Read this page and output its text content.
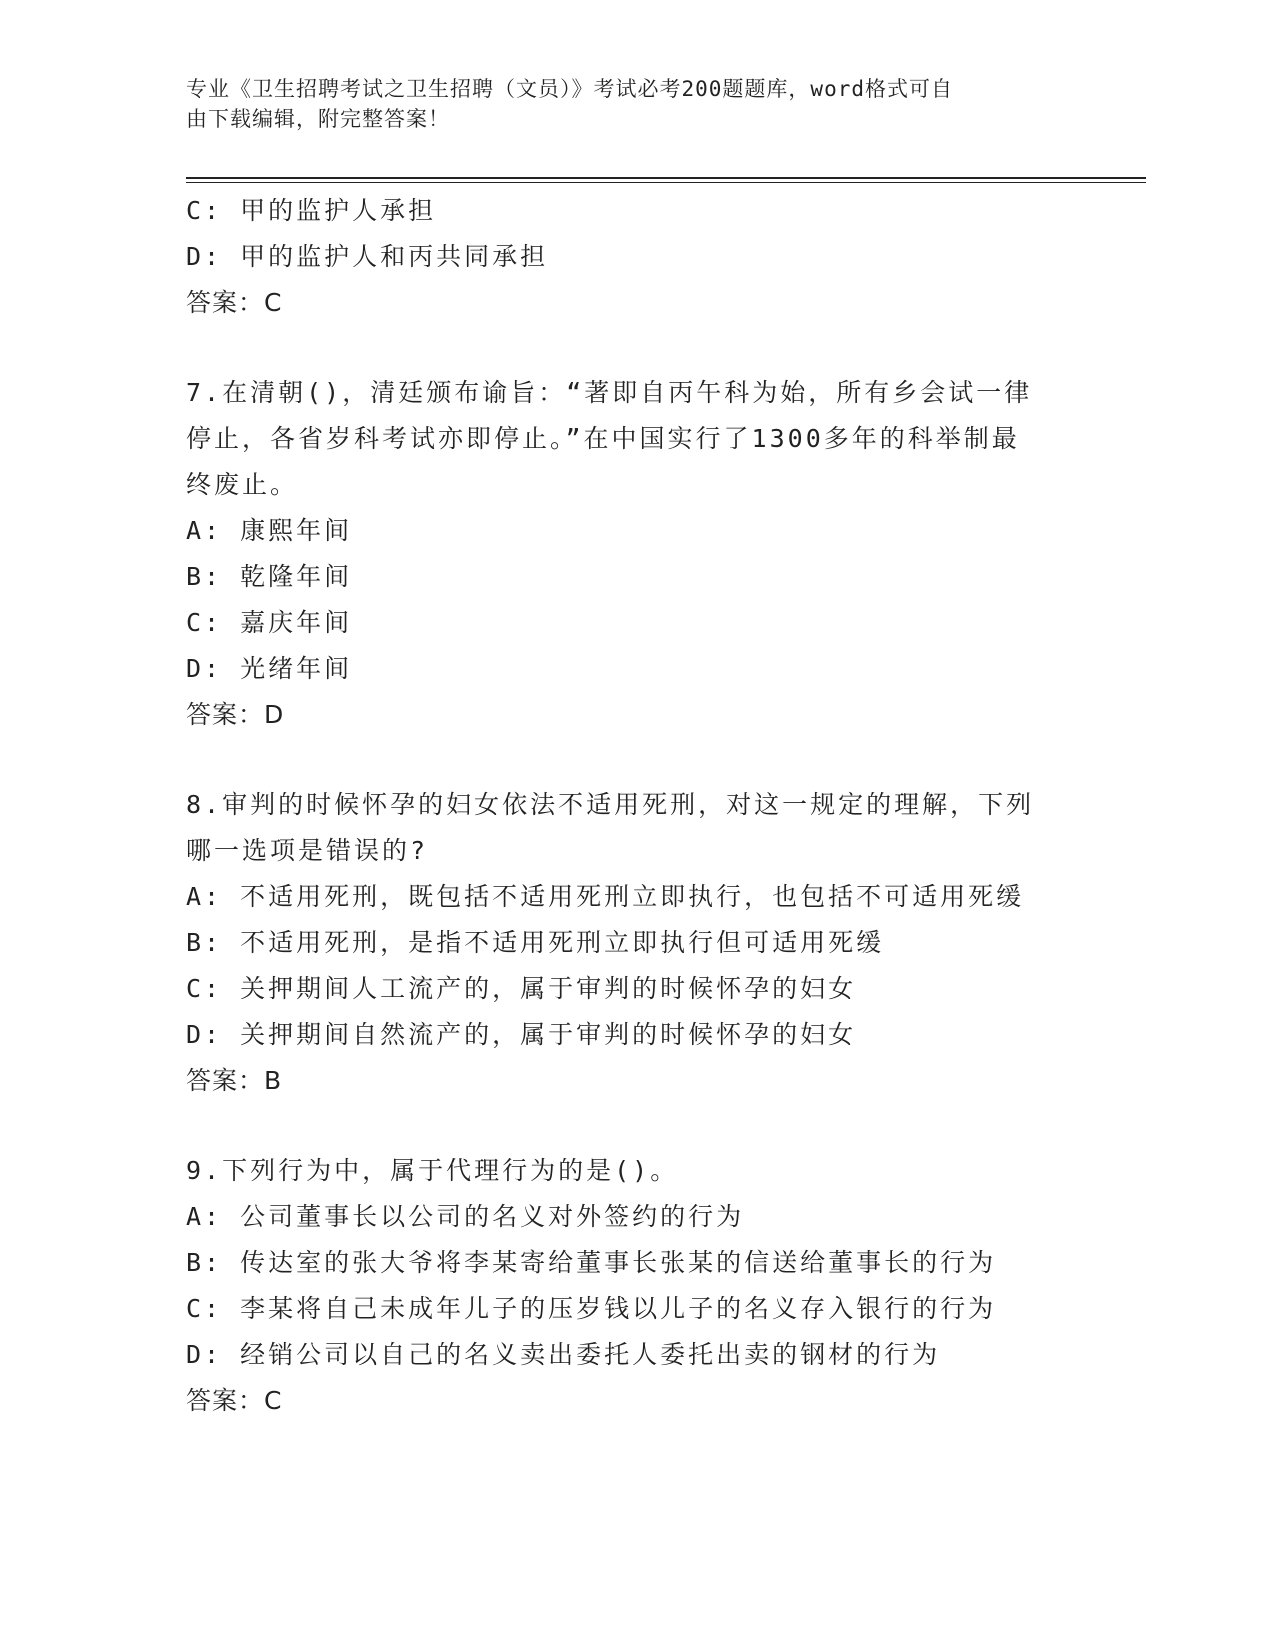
专业《卫生招聘考试之卫生招聘（文员）》考试必考200题题库，word格式可自
由下载编辑，附完整答案！
C: 甲的监护人承担
D: 甲的监护人和丙共同承担
答案：C
7.在清朝()，清廷颁布谕旨：“著即自丙午科为始，所有乡会试一律
停止，各省岁科考试亦即停止。”在中国实行了1300多年的科举制最
终废止。
A: 康熙年间
B: 乾隆年间
C: 嘉庆年间
D: 光绪年间
答案：D
8.审判的时候怀孕的妇女依法不适用死刑，对这一规定的理解，下列
哪一选项是错误的?
A: 不适用死刑，既包括不适用死刑立即执行，也包括不可适用死缓
B: 不适用死刑，是指不适用死刑立即执行但可适用死缓
C: 关押期间人工流产的，属于审判的时候怀孕的妇女
D: 关押期间自然流产的，属于审判的时候怀孕的妇女
答案：B
9.下列行为中，属于代理行为的是()。
A: 公司董事长以公司的名义对外签约的行为
B: 传达室的张大爷将李某寄给董事长张某的信送给董事长的行为
C: 李某将自己未成年儿子的压岁钱以儿子的名义存入银行的行为
D: 经销公司以自己的名义卖出委托人委托出卖的钢材的行为
答案：C
